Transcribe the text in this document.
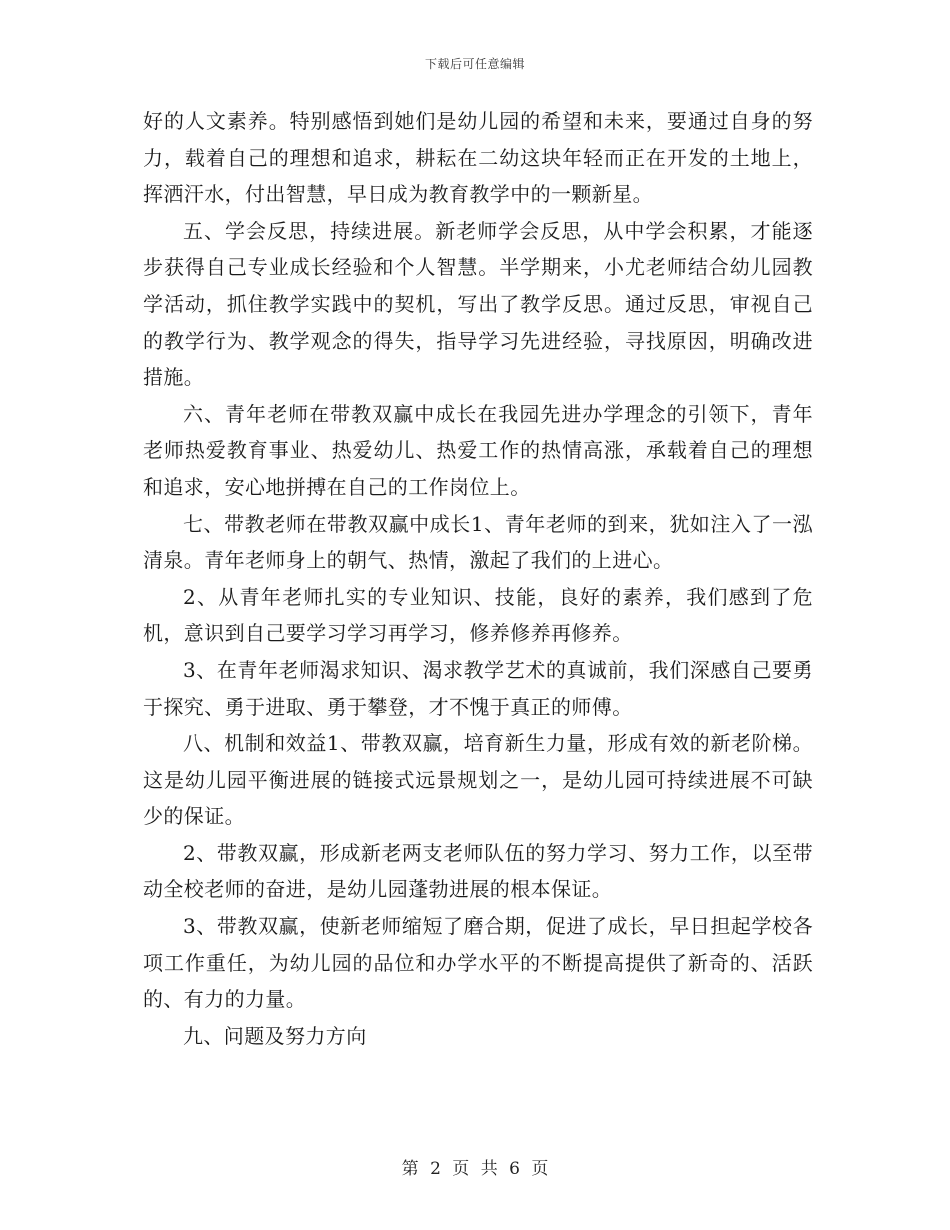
下载后可任意编辑

好的人文素养。特别感悟到她们是幼儿园的希望和未来，要通过自身的努力，载着自己的理想和追求，耕耘在二幼这块年轻而正在开发的土地上，挥洒汗水，付出智慧，早日成为教育教学中的一颗新星。

五、学会反思，持续进展。新老师学会反思，从中学会积累，才能逐步获得自己专业成长经验和个人智慧。半学期来，小尤老师结合幼儿园教学活动，抓住教学实践中的契机，写出了教学反思。通过反思，审视自己的教学行为、教学观念的得失，指导学习先进经验，寻找原因，明确改进措施。

六、青年老师在带教双赢中成长在我园先进办学理念的引领下，青年老师热爱教育事业、热爱幼儿、热爱工作的热情高涨，承载着自己的理想和追求，安心地拼搏在自己的工作岗位上。

七、带教老师在带教双赢中成长1、青年老师的到来，犹如注入了一泓清泉。青年老师身上的朝气、热情，激起了我们的上进心。

2、从青年老师扎实的专业知识、技能，良好的素养，我们感到了危机，意识到自己要学习学习再学习，修养修养再修养。

3、在青年老师渴求知识、渴求教学艺术的真诚前，我们深感自己要勇于探究、勇于进取、勇于攀登，才不愧于真正的师傅。

八、机制和效益1、带教双赢，培育新生力量，形成有效的新老阶梯。这是幼儿园平衡进展的链接式远景规划之一，是幼儿园可持续进展不可缺少的保证。

2、带教双赢，形成新老两支老师队伍的努力学习、努力工作，以至带动全校老师的奋进，是幼儿园蓬勃进展的根本保证。

3、带教双赢，使新老师缩短了磨合期，促进了成长，早日担起学校各项工作重任，为幼儿园的品位和办学水平的不断提高提供了新奇的、活跃的、有力的力量。

九、问题及努力方向

第 2 页 共 6 页
